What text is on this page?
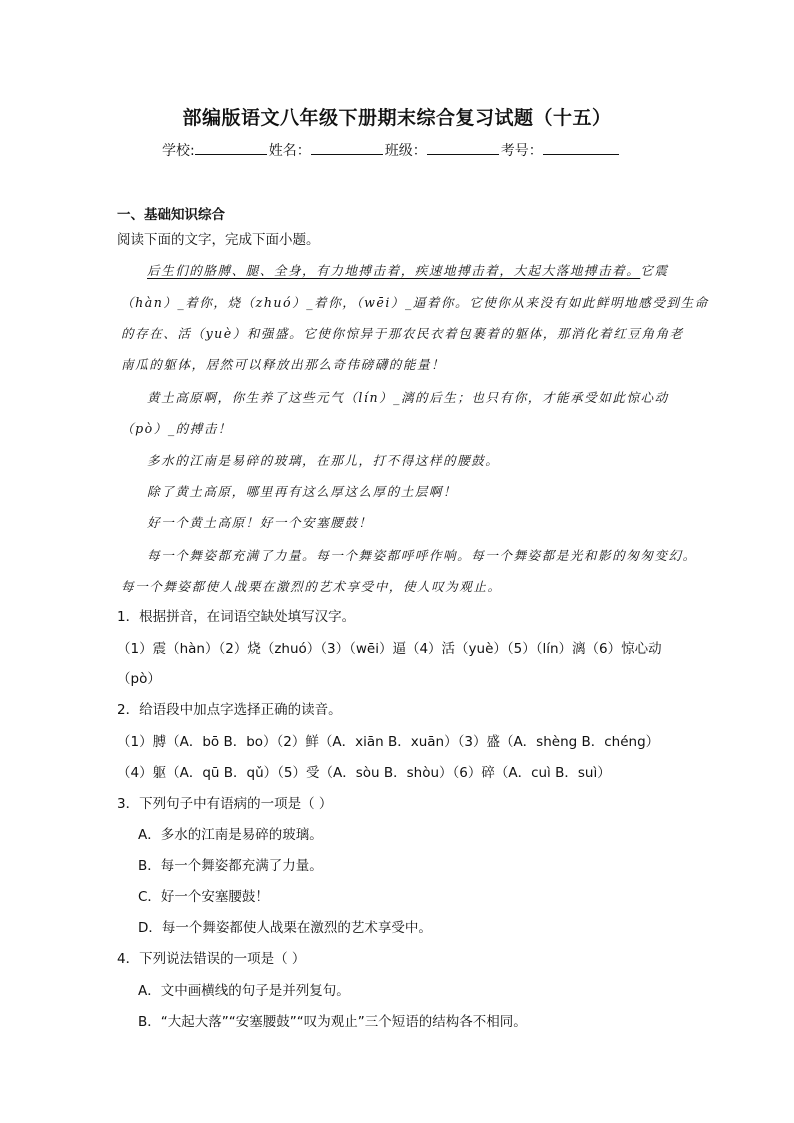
部编版语文八年级下册期末综合复习试题（十五）
学校:	姓名：	班级：	考号：
一、基础知识综合
阅读下面的文字，完成下面小题。
后生们的胳膊、腿、全身，有力地搏击着，疾速地搏击着，大起大落地搏击着。它震
（hàn）_着你，烧（zhuó）_着你，（wēi）_逼着你。它使你从来没有如此鲜明地感受到生命
的存在、活（yuè）和强盛。它使你惊异于那农民衣着包裹着的躯体，那消化着红豆角角老
南瓜的躯体，居然可以释放出那么奇伟磅礴的能量！
黄土高原啊，你生养了这些元气（lín）_漓的后生；也只有你，才能承受如此惊心动
（pò）_的搏击！
多水的江南是易碎的玻璃，在那儿，打不得这样的腰鼓。
除了黄土高原，哪里再有这么厚这么厚的土层啊！
好一个黄土高原！好一个安塞腰鼓！
每一个舞姿都充满了力量。每一个舞姿都呼呼作响。每一个舞姿都是光和影的匆匆变幻。
每一个舞姿都使人战栗在激烈的艺术享受中，使人叹为观止。
1．根据拼音，在词语空缺处填写汉字。
（1）震（hàn）（2）烧（zhuó）（3）（wēi）逼（4）活（yuè）（5）（lín）漓（6）惊心动
（pò）
2．给语段中加点字选择正确的读音。
（1）膊（A．bō B．bo）（2）鲜（A．xiān B．xuān）（3）盛（A．shèng B．chéng）
（4）躯（A．qū B．qǔ）（5）受（A．sòu B．shòu）（6）碎（A．cuì B．suì）
3．下列句子中有语病的一项是（ ）
A．多水的江南是易碎的玻璃。
B．每一个舞姿都充满了力量。
C．好一个安塞腰鼓！
D．每一个舞姿都使人战栗在激烈的艺术享受中。
4．下列说法错误的一项是（ ）
A．文中画横线的句子是并列复句。
B．“大起大落”“安塞腰鼓”“叹为观止”三个短语的结构各不相同。
